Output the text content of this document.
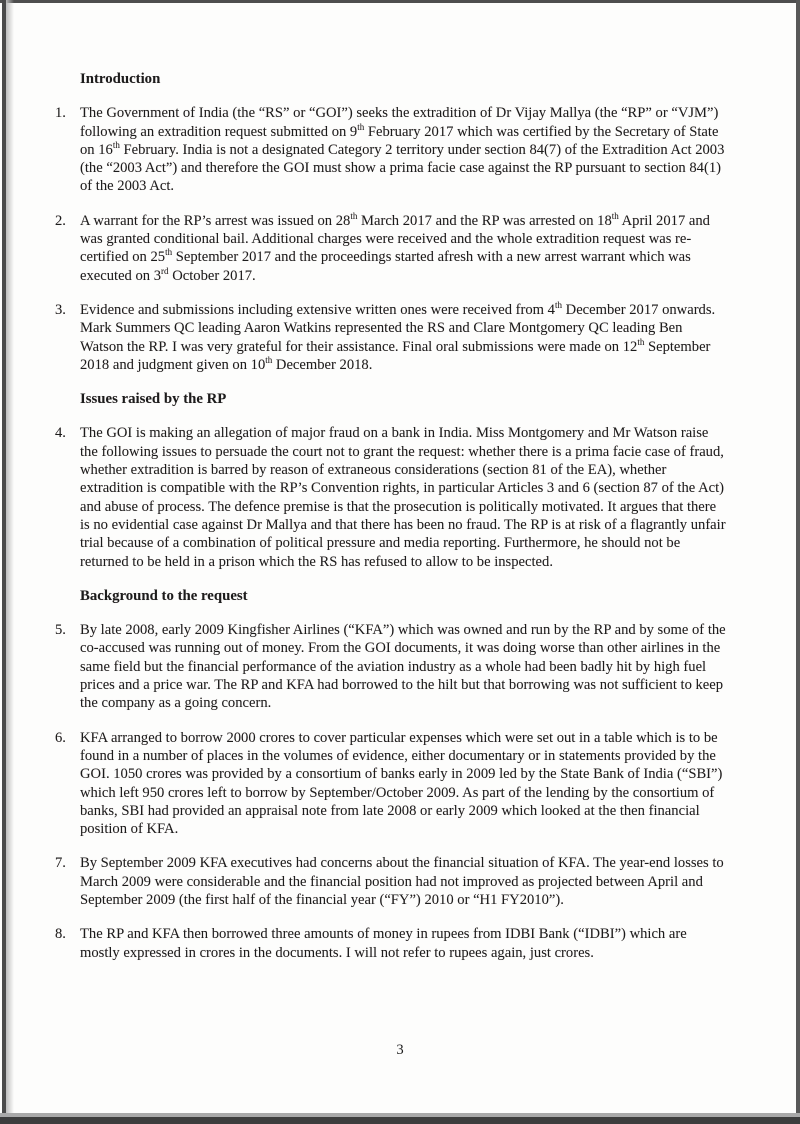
Introduction
1. The Government of India (the “RS” or “GOI”) seeks the extradition of Dr Vijay Mallya (the “RP” or “VJM”) following an extradition request submitted on 9th February 2017 which was certified by the Secretary of State on 16th February. India is not a designated Category 2 territory under section 84(7) of the Extradition Act 2003 (the “2003 Act”) and therefore the GOI must show a prima facie case against the RP pursuant to section 84(1) of the 2003 Act.
2. A warrant for the RP’s arrest was issued on 28th March 2017 and the RP was arrested on 18th April 2017 and was granted conditional bail. Additional charges were received and the whole extradition request was re-certified on 25th September 2017 and the proceedings started afresh with a new arrest warrant which was executed on 3rd October 2017.
3. Evidence and submissions including extensive written ones were received from 4th December 2017 onwards. Mark Summers QC leading Aaron Watkins represented the RS and Clare Montgomery QC leading Ben Watson the RP. I was very grateful for their assistance. Final oral submissions were made on 12th September 2018 and judgment given on 10th December 2018.
Issues raised by the RP
4. The GOI is making an allegation of major fraud on a bank in India. Miss Montgomery and Mr Watson raise the following issues to persuade the court not to grant the request: whether there is a prima facie case of fraud, whether extradition is barred by reason of extraneous considerations (section 81 of the EA), whether extradition is compatible with the RP’s Convention rights, in particular Articles 3 and 6 (section 87 of the Act) and abuse of process. The defence premise is that the prosecution is politically motivated. It argues that there is no evidential case against Dr Mallya and that there has been no fraud. The RP is at risk of a flagrantly unfair trial because of a combination of political pressure and media reporting. Furthermore, he should not be returned to be held in a prison which the RS has refused to allow to be inspected.
Background to the request
5. By late 2008, early 2009 Kingfisher Airlines (“KFA”) which was owned and run by the RP and by some of the co-accused was running out of money. From the GOI documents, it was doing worse than other airlines in the same field but the financial performance of the aviation industry as a whole had been badly hit by high fuel prices and a price war. The RP and KFA had borrowed to the hilt but that borrowing was not sufficient to keep the company as a going concern.
6. KFA arranged to borrow 2000 crores to cover particular expenses which were set out in a table which is to be found in a number of places in the volumes of evidence, either documentary or in statements provided by the GOI. 1050 crores was provided by a consortium of banks early in 2009 led by the State Bank of India (“SBI”) which left 950 crores left to borrow by September/October 2009. As part of the lending by the consortium of banks, SBI had provided an appraisal note from late 2008 or early 2009 which looked at the then financial position of KFA.
7. By September 2009 KFA executives had concerns about the financial situation of KFA. The year-end losses to March 2009 were considerable and the financial position had not improved as projected between April and September 2009 (the first half of the financial year (“FY”) 2010 or “H1 FY2010”).
8. The RP and KFA then borrowed three amounts of money in rupees from IDBI Bank (“IDBI”) which are mostly expressed in crores in the documents. I will not refer to rupees again, just crores.
3
